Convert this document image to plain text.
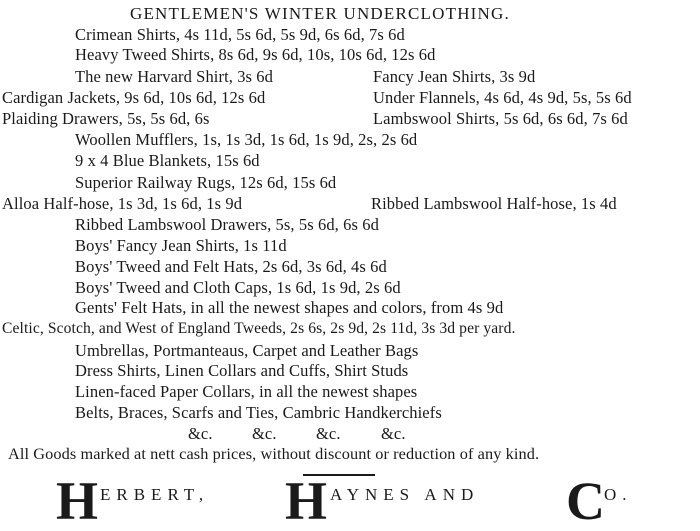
GENTLEMEN'S WINTER UNDERCLOTHING.
Crimean Shirts, 4s 11d, 5s 6d, 5s 9d, 6s 6d, 7s 6d
Heavy Tweed Shirts, 8s 6d, 9s 6d, 10s, 10s 6d, 12s 6d
The new Harvard Shirt, 3s 6d	Fancy Jean Shirts, 3s 9d
Cardigan Jackets, 9s 6d, 10s 6d, 12s 6d	Under Flannels, 4s 6d, 4s 9d, 5s, 5s 6d
Plaiding Drawers, 5s, 5s 6d, 6s	Lambswool Shirts, 5s 6d, 6s 6d, 7s 6d
Woollen Mufflers, 1s, 1s 3d, 1s 6d, 1s 9d, 2s, 2s 6d
9 x 4 Blue Blankets, 15s 6d
Superior Railway Rugs, 12s 6d, 15s 6d
Alloa Half-hose, 1s 3d, 1s 6d, 1s 9d	Ribbed Lambswool Half-hose, 1s 4d
Ribbed Lambswool Drawers, 5s, 5s 6d, 6s 6d
Boys' Fancy Jean Shirts, 1s 11d
Boys' Tweed and Felt Hats, 2s 6d, 3s 6d, 4s 6d
Boys' Tweed and Cloth Caps, 1s 6d, 1s 9d, 2s 6d
Gents' Felt Hats, in all the newest shapes and colors, from 4s 9d
Celtic, Scotch, and West of England Tweeds, 2s 6s, 2s 9d, 2s 11d, 3s 3d per yard.
Umbrellas, Portmanteaus, Carpet and Leather Bags
Dress Shirts, Linen Collars and Cuffs, Shirt Studs
Linen-faced Paper Collars, in all the newest shapes
Belts, Braces, Scarfs and Ties, Cambric Handkerchiefs
&c. &c. &c. &c.
All Goods marked at nett cash prices, without discount or reduction of any kind.
H ERBERT, H AYNES AND C O.
